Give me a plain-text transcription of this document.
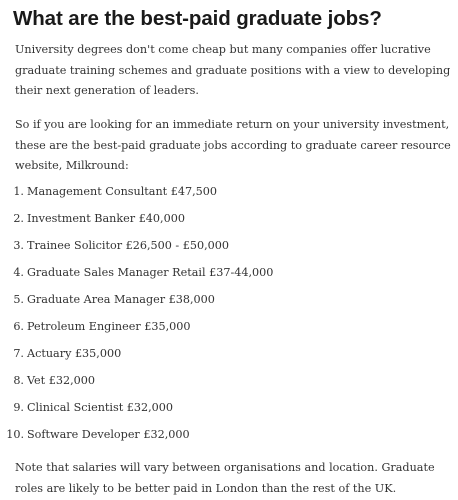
What are the best-paid graduate jobs?

University degrees don't come cheap but many companies offer lucrative graduate training schemes and graduate positions with a view to developing their next generation of leaders.

So if you are looking for an immediate return on your university investment, these are the best-paid graduate jobs according to graduate career resource website, Milkround:

1. Management Consultant £47,500
2. Investment Banker £40,000
3. Trainee Solicitor £26,500 - £50,000
4. Graduate Sales Manager Retail £37-44,000
5. Graduate Area Manager £38,000
6. Petroleum Engineer £35,000
7. Actuary £35,000
8. Vet £32,000
9. Clinical Scientist £32,000
10. Software Developer £32,000

Note that salaries will vary between organisations and location. Graduate roles are likely to be better paid in London than the rest of the UK.
